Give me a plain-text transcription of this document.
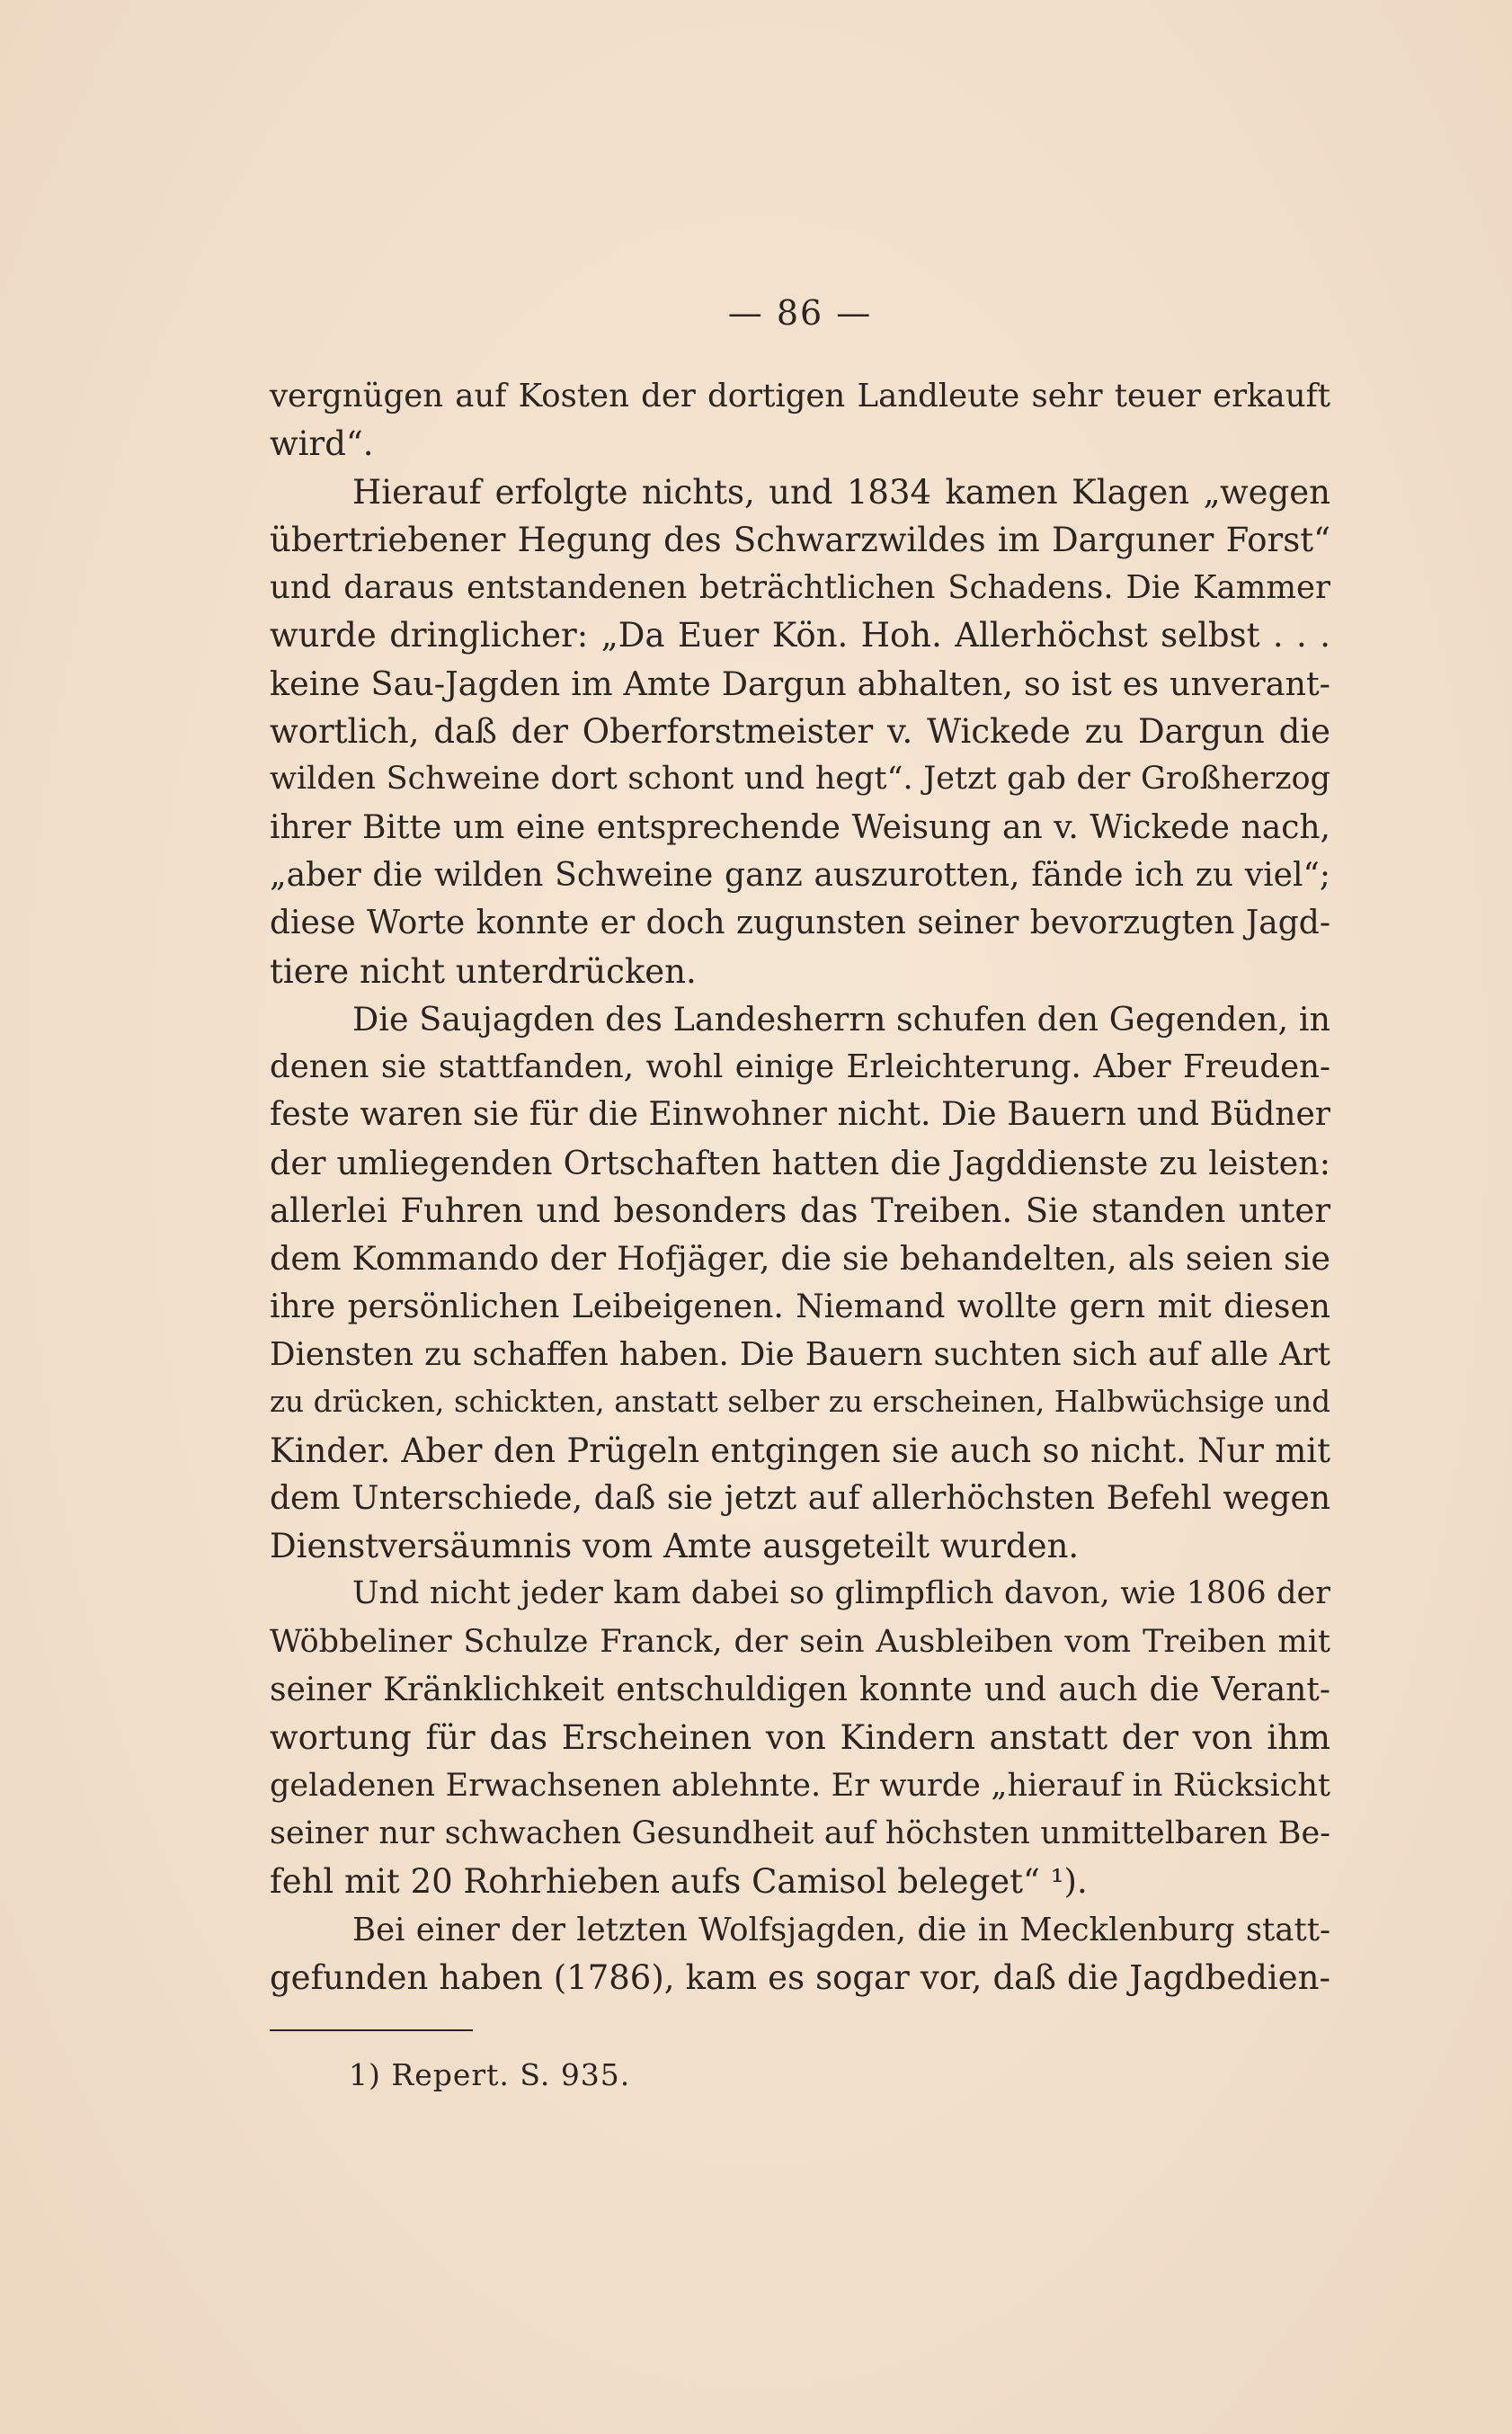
— 86 —
vergnügen auf Kosten der dortigen Landleute sehr teuer erkauft
wird“.
Hierauf erfolgte nichts, und 1834 kamen Klagen „wegen
übertriebener Hegung des Schwarzwildes im Darguner Forst“
und daraus entstandenen beträchtlichen Schadens. Die Kammer
wurde dringlicher: „Da Euer Kön. Hoh. Allerhöchst selbst . . .
keine Sau-Jagden im Amte Dargun abhalten, so ist es unverant-
wortlich, daß der Oberforstmeister v. Wickede zu Dargun die
wilden Schweine dort schont und hegt“. Jetzt gab der Großherzog
ihrer Bitte um eine entsprechende Weisung an v. Wickede nach,
„aber die wilden Schweine ganz auszurotten, fände ich zu viel“;
diese Worte konnte er doch zugunsten seiner bevorzugten Jagd-
tiere nicht unterdrücken.
Die Saujagden des Landesherrn schufen den Gegenden, in
denen sie stattfanden, wohl einige Erleichterung. Aber Freuden-
feste waren sie für die Einwohner nicht. Die Bauern und Büdner
der umliegenden Ortschaften hatten die Jagddienste zu leisten:
allerlei Fuhren und besonders das Treiben. Sie standen unter
dem Kommando der Hofjäger, die sie behandelten, als seien sie
ihre persönlichen Leibeigenen. Niemand wollte gern mit diesen
Diensten zu schaffen haben. Die Bauern suchten sich auf alle Art
zu drücken, schickten, anstatt selber zu erscheinen, Halbwüchsige und
Kinder. Aber den Prügeln entgingen sie auch so nicht. Nur mit
dem Unterschiede, daß sie jetzt auf allerhöchsten Befehl wegen
Dienstversäumnis vom Amte ausgeteilt wurden.
Und nicht jeder kam dabei so glimpflich davon, wie 1806 der
Wöbbeliner Schulze Franck, der sein Ausbleiben vom Treiben mit
seiner Kränklichkeit entschuldigen konnte und auch die Verant-
wortung für das Erscheinen von Kindern anstatt der von ihm
geladenen Erwachsenen ablehnte. Er wurde „hierauf in Rücksicht
seiner nur schwachen Gesundheit auf höchsten unmittelbaren Be-
fehl mit 20 Rohrhieben aufs Camisol beleget“ ¹).
Bei einer der letzten Wolfsjagden, die in Mecklenburg statt-
gefunden haben (1786), kam es sogar vor, daß die Jagdbedien-
1) Repert. S. 935.
